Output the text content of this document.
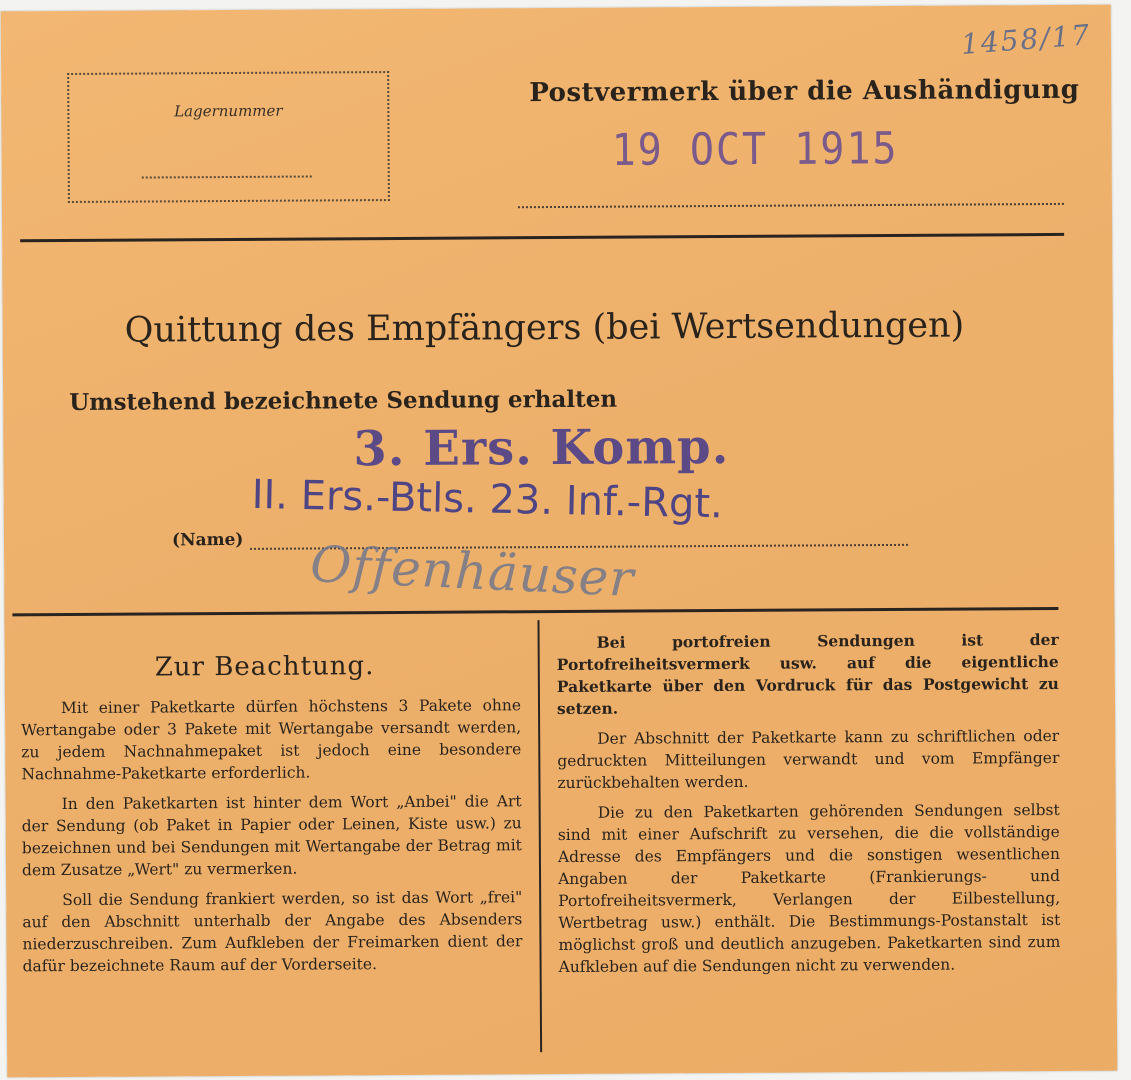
1458/17
Lagernummer
Postvermerk über die Aushändigung
19 OCT 1915
Quittung des Empfängers (bei Wertsendungen)
Umstehend bezeichnete Sendung erhalten
3. Ers. Komp.
II. Ers.-Btls. 23. Inf.-Rgt.
(Name) Offenhäuser
Zur Beachtung.

Mit einer Paketkarte dürfen höchstens 3 Pakete ohne Wertangabe oder 3 Pakete mit Wertangabe versandt werden, zu jedem Nachnahmepaket ist jedoch eine besondere Nachnahme-Paketkarte erforderlich.

In den Paketkarten ist hinter dem Wort „Anbei" die Art der Sendung (ob Paket in Papier oder Leinen, Kiste usw.) zu bezeichnen und bei Sendungen mit Wertangabe der Betrag mit dem Zusatze „Wert" zu vermerken.

Soll die Sendung frankiert werden, so ist das Wort „frei" auf den Abschnitt unterhalb der Angabe des Absenders niederzuschreiben. Zum Aufkleben der Freimarken dient der dafür bezeichnete Raum auf der Vorderseite.

Bei portofreien Sendungen ist der Portofreiheitsvermerk usw. auf die eigentliche Paketkarte über den Vordruck für das Postgewicht zu setzen.

Der Abschnitt der Paketkarte kann zu schriftlichen oder gedruckten Mitteilungen verwandt und vom Empfänger zurückbehalten werden.

Die zu den Paketkarten gehörenden Sendungen selbst sind mit einer Aufschrift zu versehen, die die vollständige Adresse des Empfängers und die sonstigen wesentlichen Angaben der Paketkarte (Frankierungs- und Portofreiheitsvermerk, Verlangen der Eilbestellung, Wertbetrag usw.) enthält. Die Bestimmungs-Postanstalt ist möglichst groß und deutlich anzugeben. Paketkarten sind zum Aufkleben auf die Sendungen nicht zu verwenden.
